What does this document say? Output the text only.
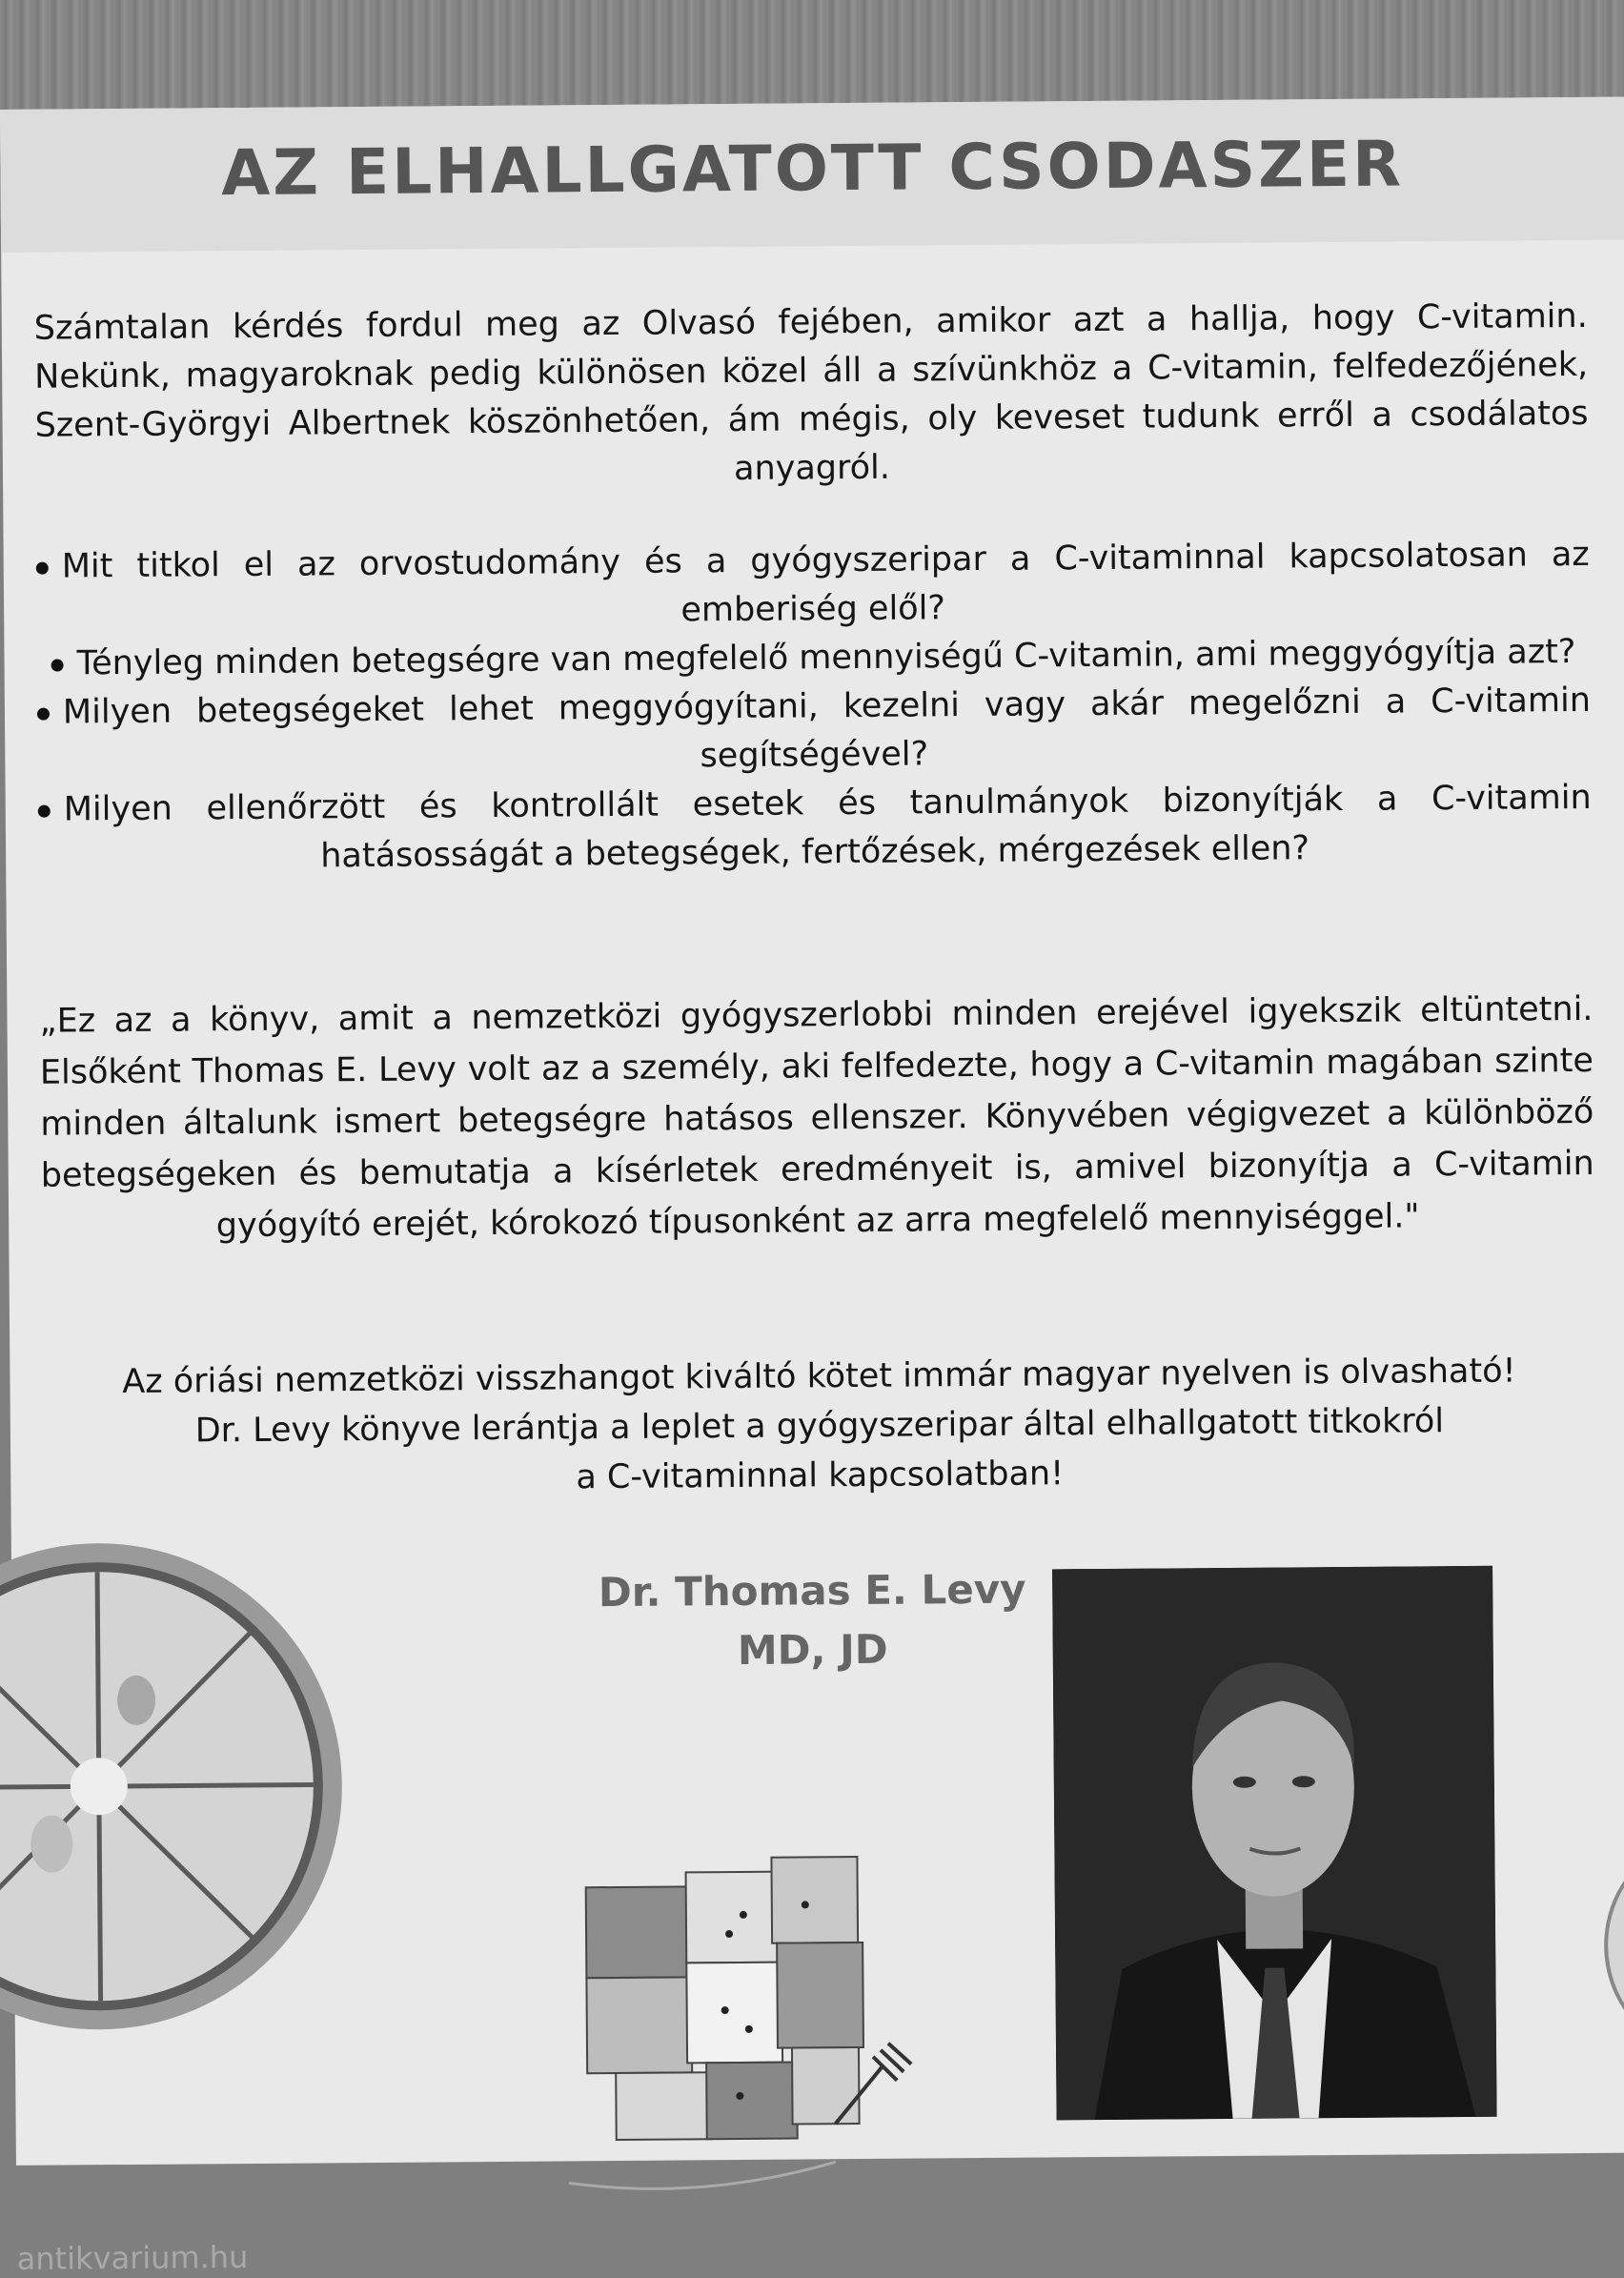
AZ ELHALLGATOTT CSODASZER

Számtalan kérdés fordul meg az Olvasó fejében, amikor azt a hallja, hogy C-vitamin. Nekünk, magyaroknak pedig különösen közel áll a szívünkhöz a C-vitamin, felfedezőjének, Szent-Györgyi Albertnek köszönhetően, ám mégis, oly keveset tudunk erről a csodálatos anyagról.

Mit titkol el az orvostudomány és a gyógyszeripar a C-vitaminnal kapcsolatosan az emberiség elől?
Tényleg minden betegségre van megfelelő mennyiségű C-vitamin, ami meggyógyítja azt?
Milyen betegségeket lehet meggyógyítani, kezelni vagy akár megelőzni a C-vitamin segítségével?
Milyen ellenőrzött és kontrollált esetek és tanulmányok bizonyítják a C-vitamin hatásosságát a betegségek, fertőzések, mérgezések ellen?

„Ez az a könyv, amit a nemzetközi gyógyszerlobbi minden erejével igyekszik eltüntetni. Elsőként Thomas E. Levy volt az a személy, aki felfedezte, hogy a C-vitamin magában szinte minden általunk ismert betegségre hatásos ellenszer. Könyvében végigvezet a különböző betegségeken és bemutatja a kísérletek eredményeit is, amivel bizonyítja a C-vitamin gyógyító erejét, kórokozó típusonként az arra megfelelő mennyiséggel."

Az óriási nemzetközi visszhangot kiváltó kötet immár magyar nyelven is olvasható!
Dr. Levy könyve lerántja a leplet a gyógyszeripar által elhallgatott titkokról
a C-vitaminnal kapcsolatban!
Dr. Thomas E. Levy
MD, JD
antikvarium.hu
